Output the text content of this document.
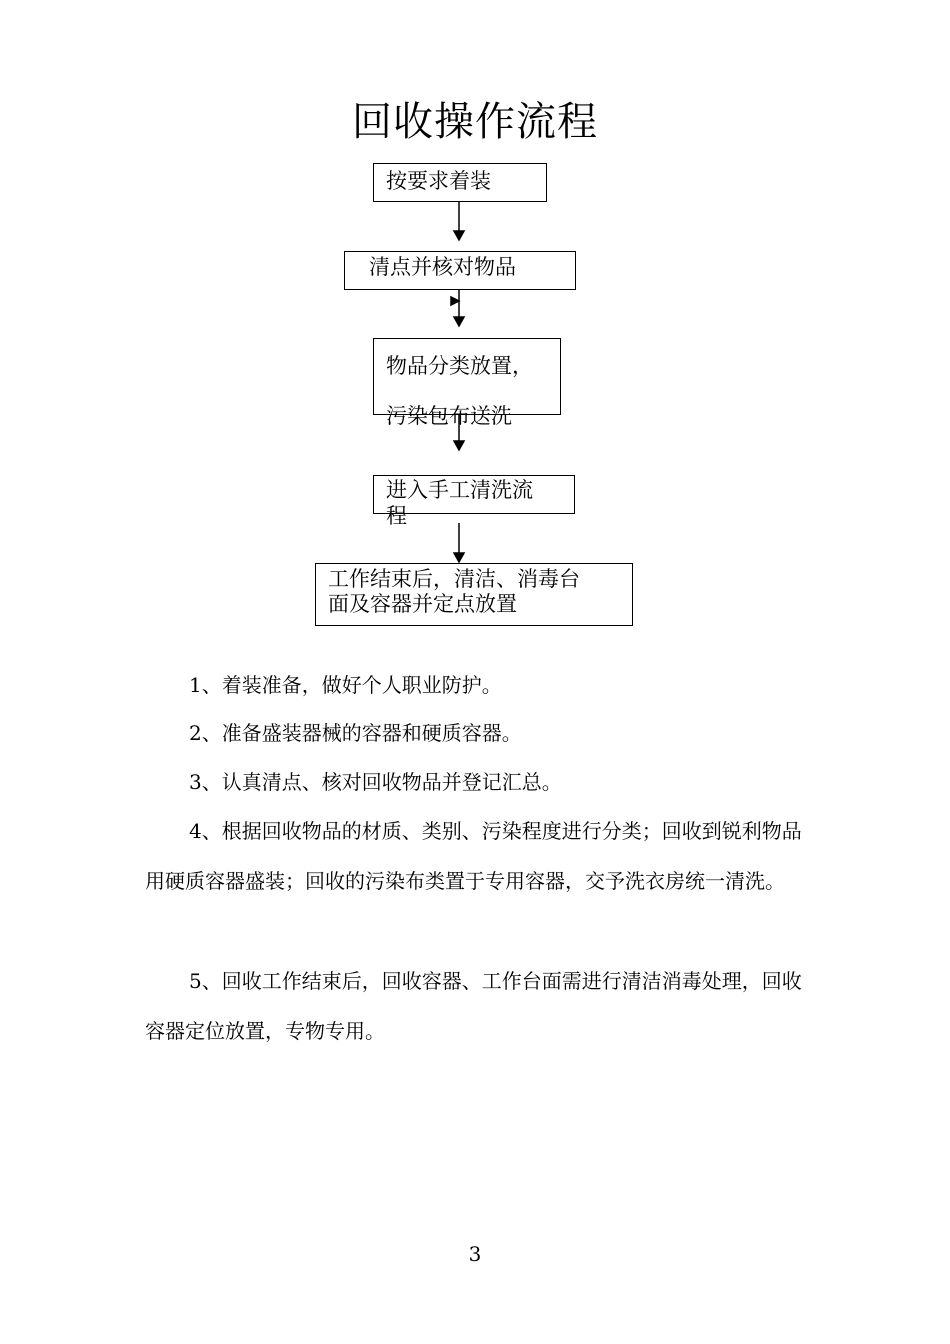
回收操作流程
按要求着装
清点并核对物品
物品分类放置，
污染包布送洗
进入手工清洗流
程
工作结束后，清洁、消毒台
面及容器并定点放置
1、着装准备，做好个人职业防护。
2、准备盛装器械的容器和硬质容器。
3、认真清点、核对回收物品并登记汇总。
4、根据回收物品的材质、类别、污染程度进行分类；回收到锐利物品用硬质容器盛装；回收的污染布类置于专用容器，交予洗衣房统一清洗。
5、回收工作结束后，回收容器、工作台面需进行清洁消毒处理，回收容器定位放置，专物专用。
3
